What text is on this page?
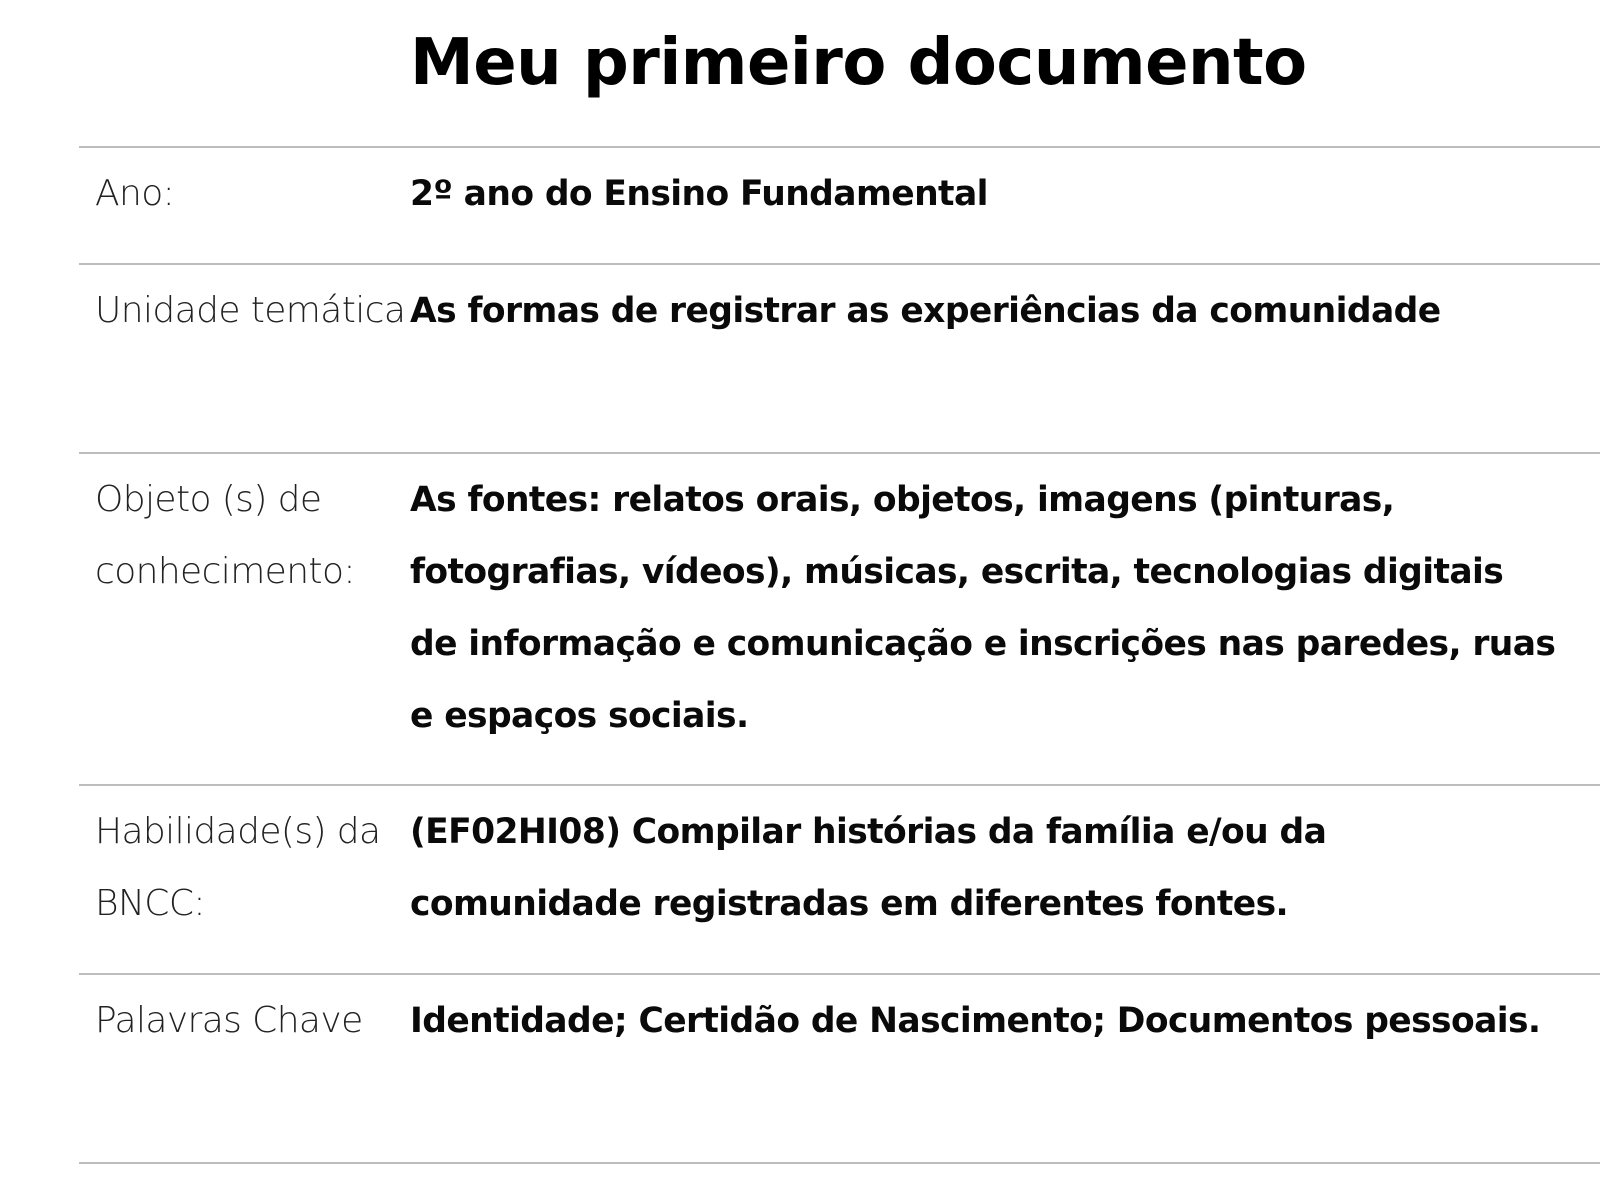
Meu primeiro documento
Ano:	2º ano do Ensino Fundamental
Unidade temática As formas de registrar as experiências da comunidade
Objeto (s) de conhecimento:
As fontes: relatos orais, objetos, imagens (pinturas, fotografias, vídeos), músicas, escrita, tecnologias digitais de informação e comunicação e inscrições nas paredes, ruas e espaços sociais.
Habilidade(s) da BNCC:
(EF02HI08) Compilar histórias da família e/ou da comunidade registradas em diferentes fontes.
Palavras Chave	Identidade; Certidão de Nascimento; Documentos pessoais.
